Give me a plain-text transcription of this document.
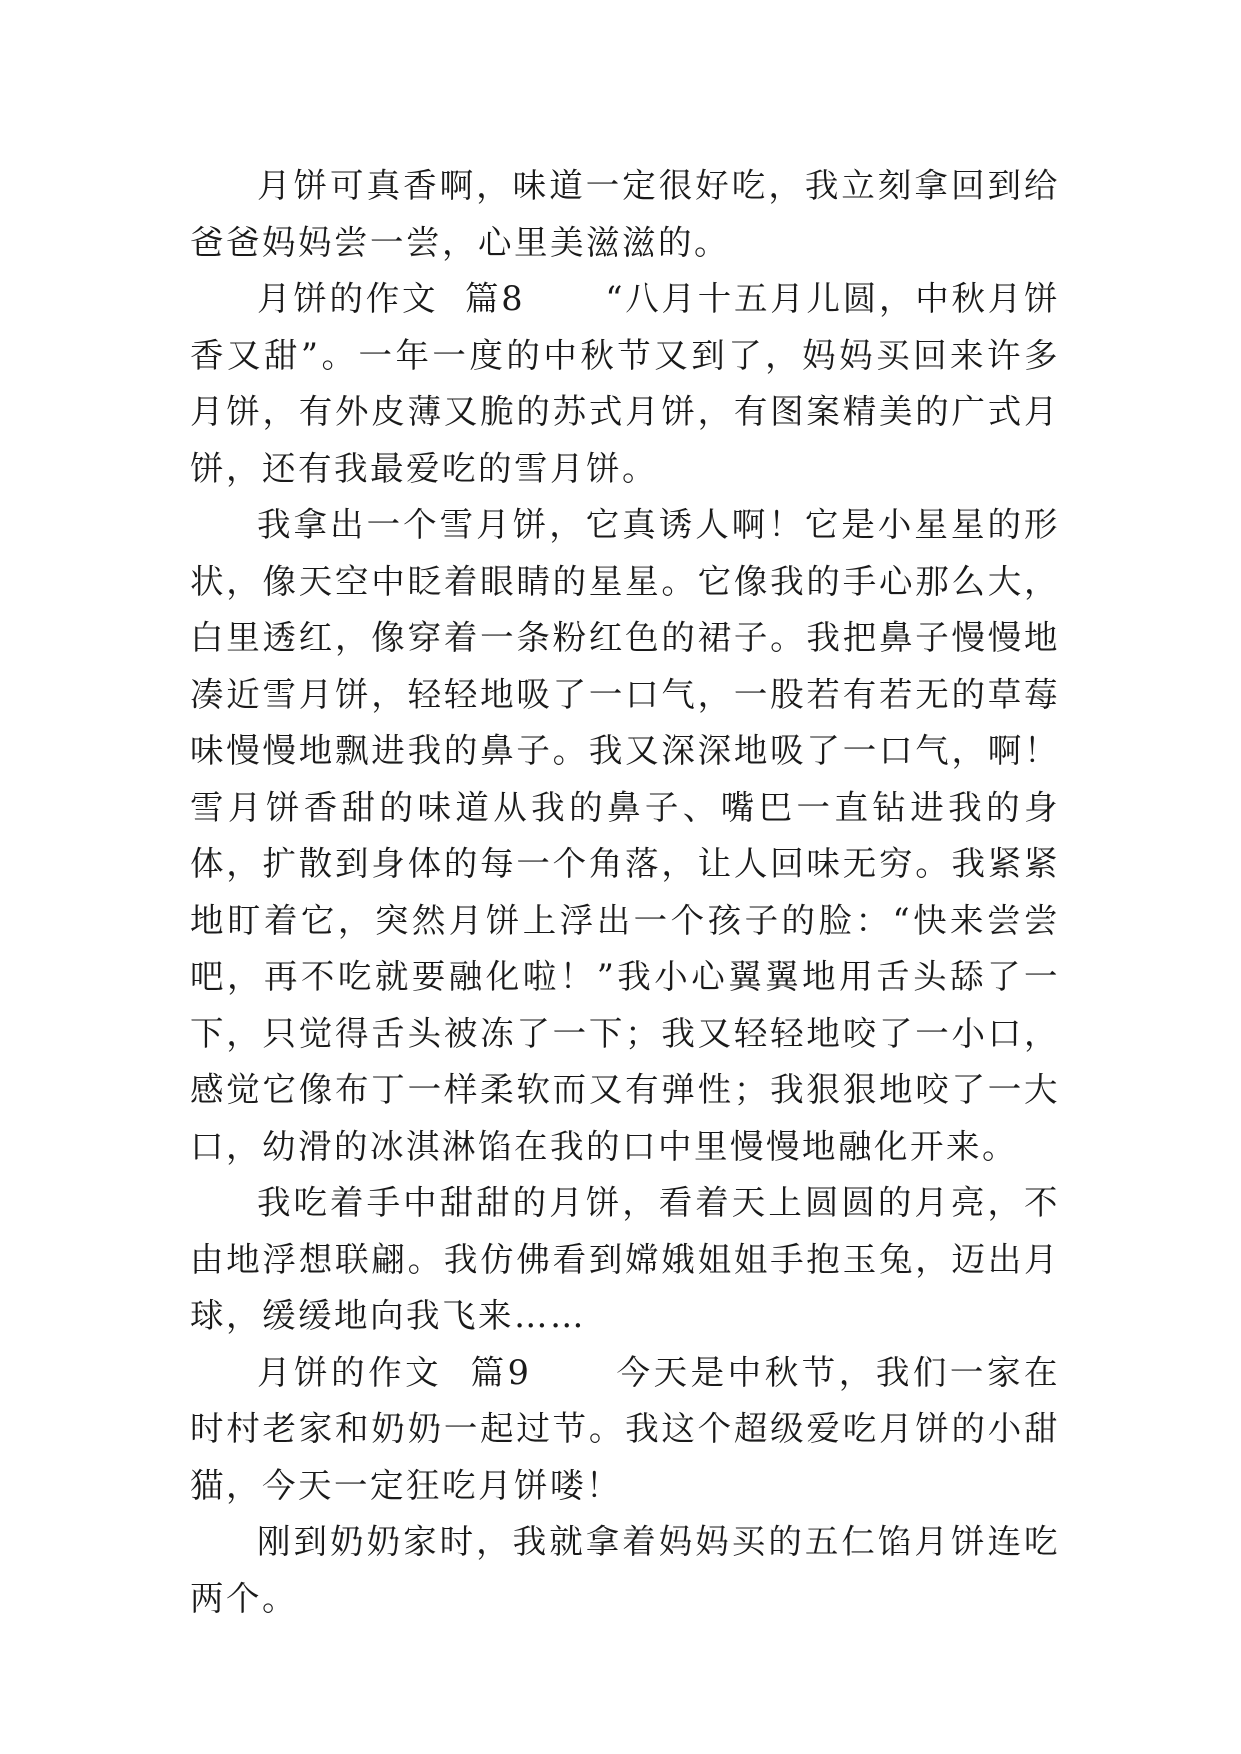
月饼可真香啊，味道一定很好吃，我立刻拿回到给爸爸妈妈尝一尝，心里美滋滋的。

月饼的作文  篇8      “八月十五月儿圆，中秋月饼香又甜”。一年一度的中秋节又到了，妈妈买回来许多月饼，有外皮薄又脆的苏式月饼，有图案精美的广式月饼，还有我最爱吃的雪月饼。

我拿出一个雪月饼，它真诱人啊！它是小星星的形状，像天空中眨着眼睛的星星。它像我的手心那么大，白里透红，像穿着一条粉红色的裙子。我把鼻子慢慢地凑近雪月饼，轻轻地吸了一口气，一股若有若无的草莓味慢慢地飘进我的鼻子。我又深深地吸了一口气，啊！雪月饼香甜的味道从我的鼻子、嘴巴一直钻进我的身体，扩散到身体的每一个角落，让人回味无穷。我紧紧地盯着它，突然月饼上浮出一个孩子的脸：“快来尝尝吧，再不吃就要融化啦！”我小心翼翼地用舌头舔了一下，只觉得舌头被冻了一下；我又轻轻地咬了一小口，感觉它像布丁一样柔软而又有弹性；我狠狠地咬了一大口，幼滑的冰淇淋馅在我的口中里慢慢地融化开来。

我吃着手中甜甜的月饼，看着天上圆圆的月亮，不由地浮想联翩。我仿佛看到嫦娥姐姐手抱玉兔，迈出月球，缓缓地向我飞来……

月饼的作文  篇9      今天是中秋节，我们一家在时村老家和奶奶一起过节。我这个超级爱吃月饼的小甜猫，今天一定狂吃月饼喽！

刚到奶奶家时，我就拿着妈妈买的五仁馅月饼连吃两个。
